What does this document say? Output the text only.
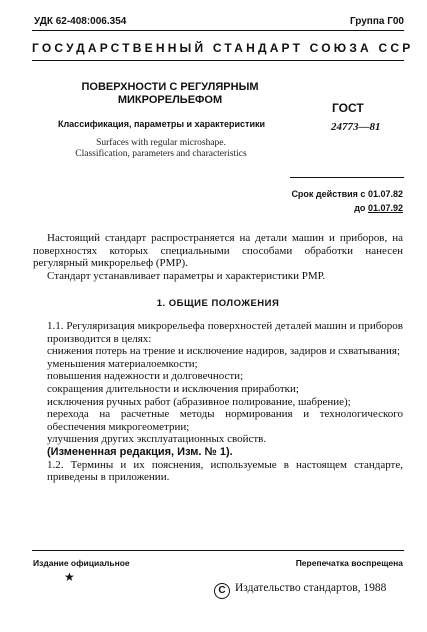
УДК 62-408:006.354	Группа Г00
ГОСУДАРСТВЕННЫЙ СТАНДАРТ СОЮЗА ССР
ПОВЕРХНОСТИ С РЕГУЛЯРНЫМ
МИКРОРЕЛЬЕФОМ
Классификация, параметры и характеристики
Surfaces with regular microshape.
Classification, parameters and characteristics
ГОСТ
24773—81
Срок действия с 01.07.82
до 01.07.92
Настоящий стандарт распространяется на детали машин и приборов, на поверхностях которых специальными способами обработки нанесен регулярный микрорельеф (РМР).
Стандарт устанавливает параметры и характеристики РМР.
1. ОБЩИЕ ПОЛОЖЕНИЯ
1.1. Регуляризация микрорельефа поверхностей деталей машин и приборов производится в целях:
снижения потерь на трение и исключение надиров, задиров и схватывания;
уменьшения материалоемкости;
повышения надежности и долговечности;
сокращения длительности и исключения приработки;
исключения ручных работ (абразивное полирование, шабрение);
перехода на расчетные методы нормирования и технологического обеспечения микрогеометрии;
улучшения других эксплуатационных свойств.
(Измененная редакция, Изм. № 1).
1.2. Термины и их пояснения, используемые в настоящем стандарте, приведены в приложении.
Издание официальное	Перепечатка воспрещена
★
C Издательство стандартов, 1988
